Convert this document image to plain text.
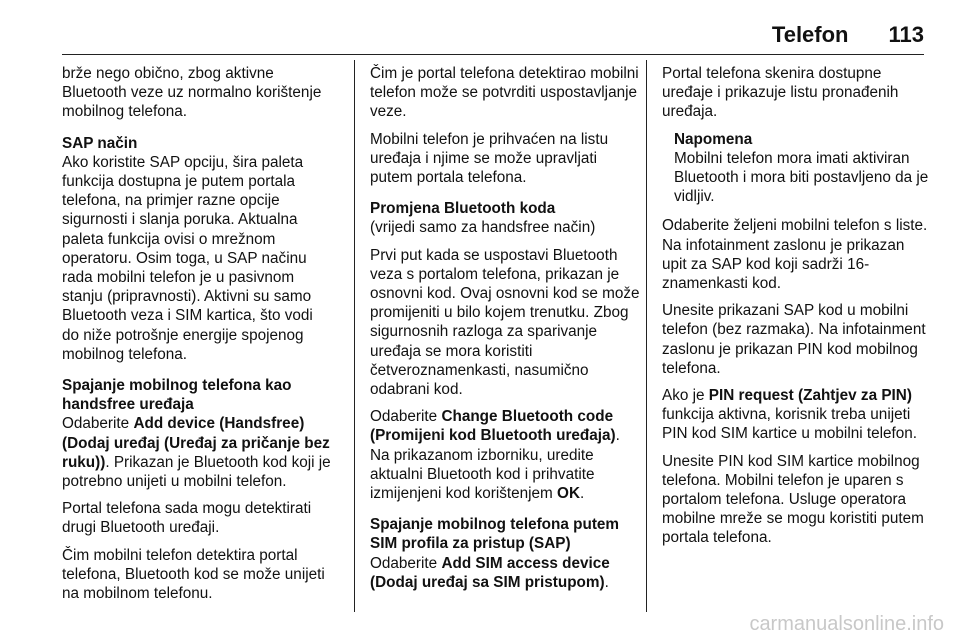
Telefon 113

brže nego obično, zbog aktivne Bluetooth veze uz normalno korištenje mobilnog telefona.

SAP način

Ako koristite SAP opciju, šira paleta funkcija dostupna je putem portala telefona, na primjer razne opcije sigurnosti i slanja poruka. Aktualna paleta funkcija ovisi o mrežnom operatoru. Osim toga, u SAP načinu rada mobilni telefon je u pasivnom stanju (pripravnosti). Aktivni su samo Bluetooth veza i SIM kartica, što vodi do niže potrošnje energije spojenog mobilnog telefona.

Spajanje mobilnog telefona kao handsfree uređaja

Odaberite Add device (Handsfree) (Dodaj uređaj (Uređaj za pričanje bez ruku)). Prikazan je Bluetooth kod koji je potrebno unijeti u mobilni telefon.

Portal telefona sada mogu detektirati drugi Bluetooth uređaji.

Čim mobilni telefon detektira portal telefona, Bluetooth kod se može unijeti na mobilnom telefonu.

Čim je portal telefona detektirao mobilni telefon može se potvrditi uspostavljanje veze.

Mobilni telefon je prihvaćen na listu uređaja i njime se može upravljati putem portala telefona.

Promjena Bluetooth koda

(vrijedi samo za handsfree način)

Prvi put kada se uspostavi Bluetooth veza s portalom telefona, prikazan je osnovni kod. Ovaj osnovni kod se može promijeniti u bilo kojem trenutku. Zbog sigurnosnih razloga za sparivanje uređaja se mora koristiti četveroznamenkasti, nasumično odabrani kod.

Odaberite Change Bluetooth code (Promijeni kod Bluetooth uređaja). Na prikazanom izborniku, uredite aktualni Bluetooth kod i prihvatite izmijenjeni kod korištenjem OK.

Spajanje mobilnog telefona putem SIM profila za pristup (SAP)

Odaberite Add SIM access device (Dodaj uređaj sa SIM pristupom).

Portal telefona skenira dostupne uređaje i prikazuje listu pronađenih uređaja.

Napomena
Mobilni telefon mora imati aktiviran Bluetooth i mora biti postavljeno da je vidljiv.

Odaberite željeni mobilni telefon s liste. Na infotainment zaslonu je prikazan upit za SAP kod koji sadrži 16-znamenkasti kod.

Unesite prikazani SAP kod u mobilni telefon (bez razmaka). Na infotainment zaslonu je prikazan PIN kod mobilnog telefona.

Ako je PIN request (Zahtjev za PIN) funkcija aktivna, korisnik treba unijeti PIN kod SIM kartice u mobilni telefon.

Unesite PIN kod SIM kartice mobilnog telefona. Mobilni telefon je uparen s portalom telefona. Usluge operatora mobilne mreže se mogu koristiti putem portala telefona.

carmanualsonline.info
